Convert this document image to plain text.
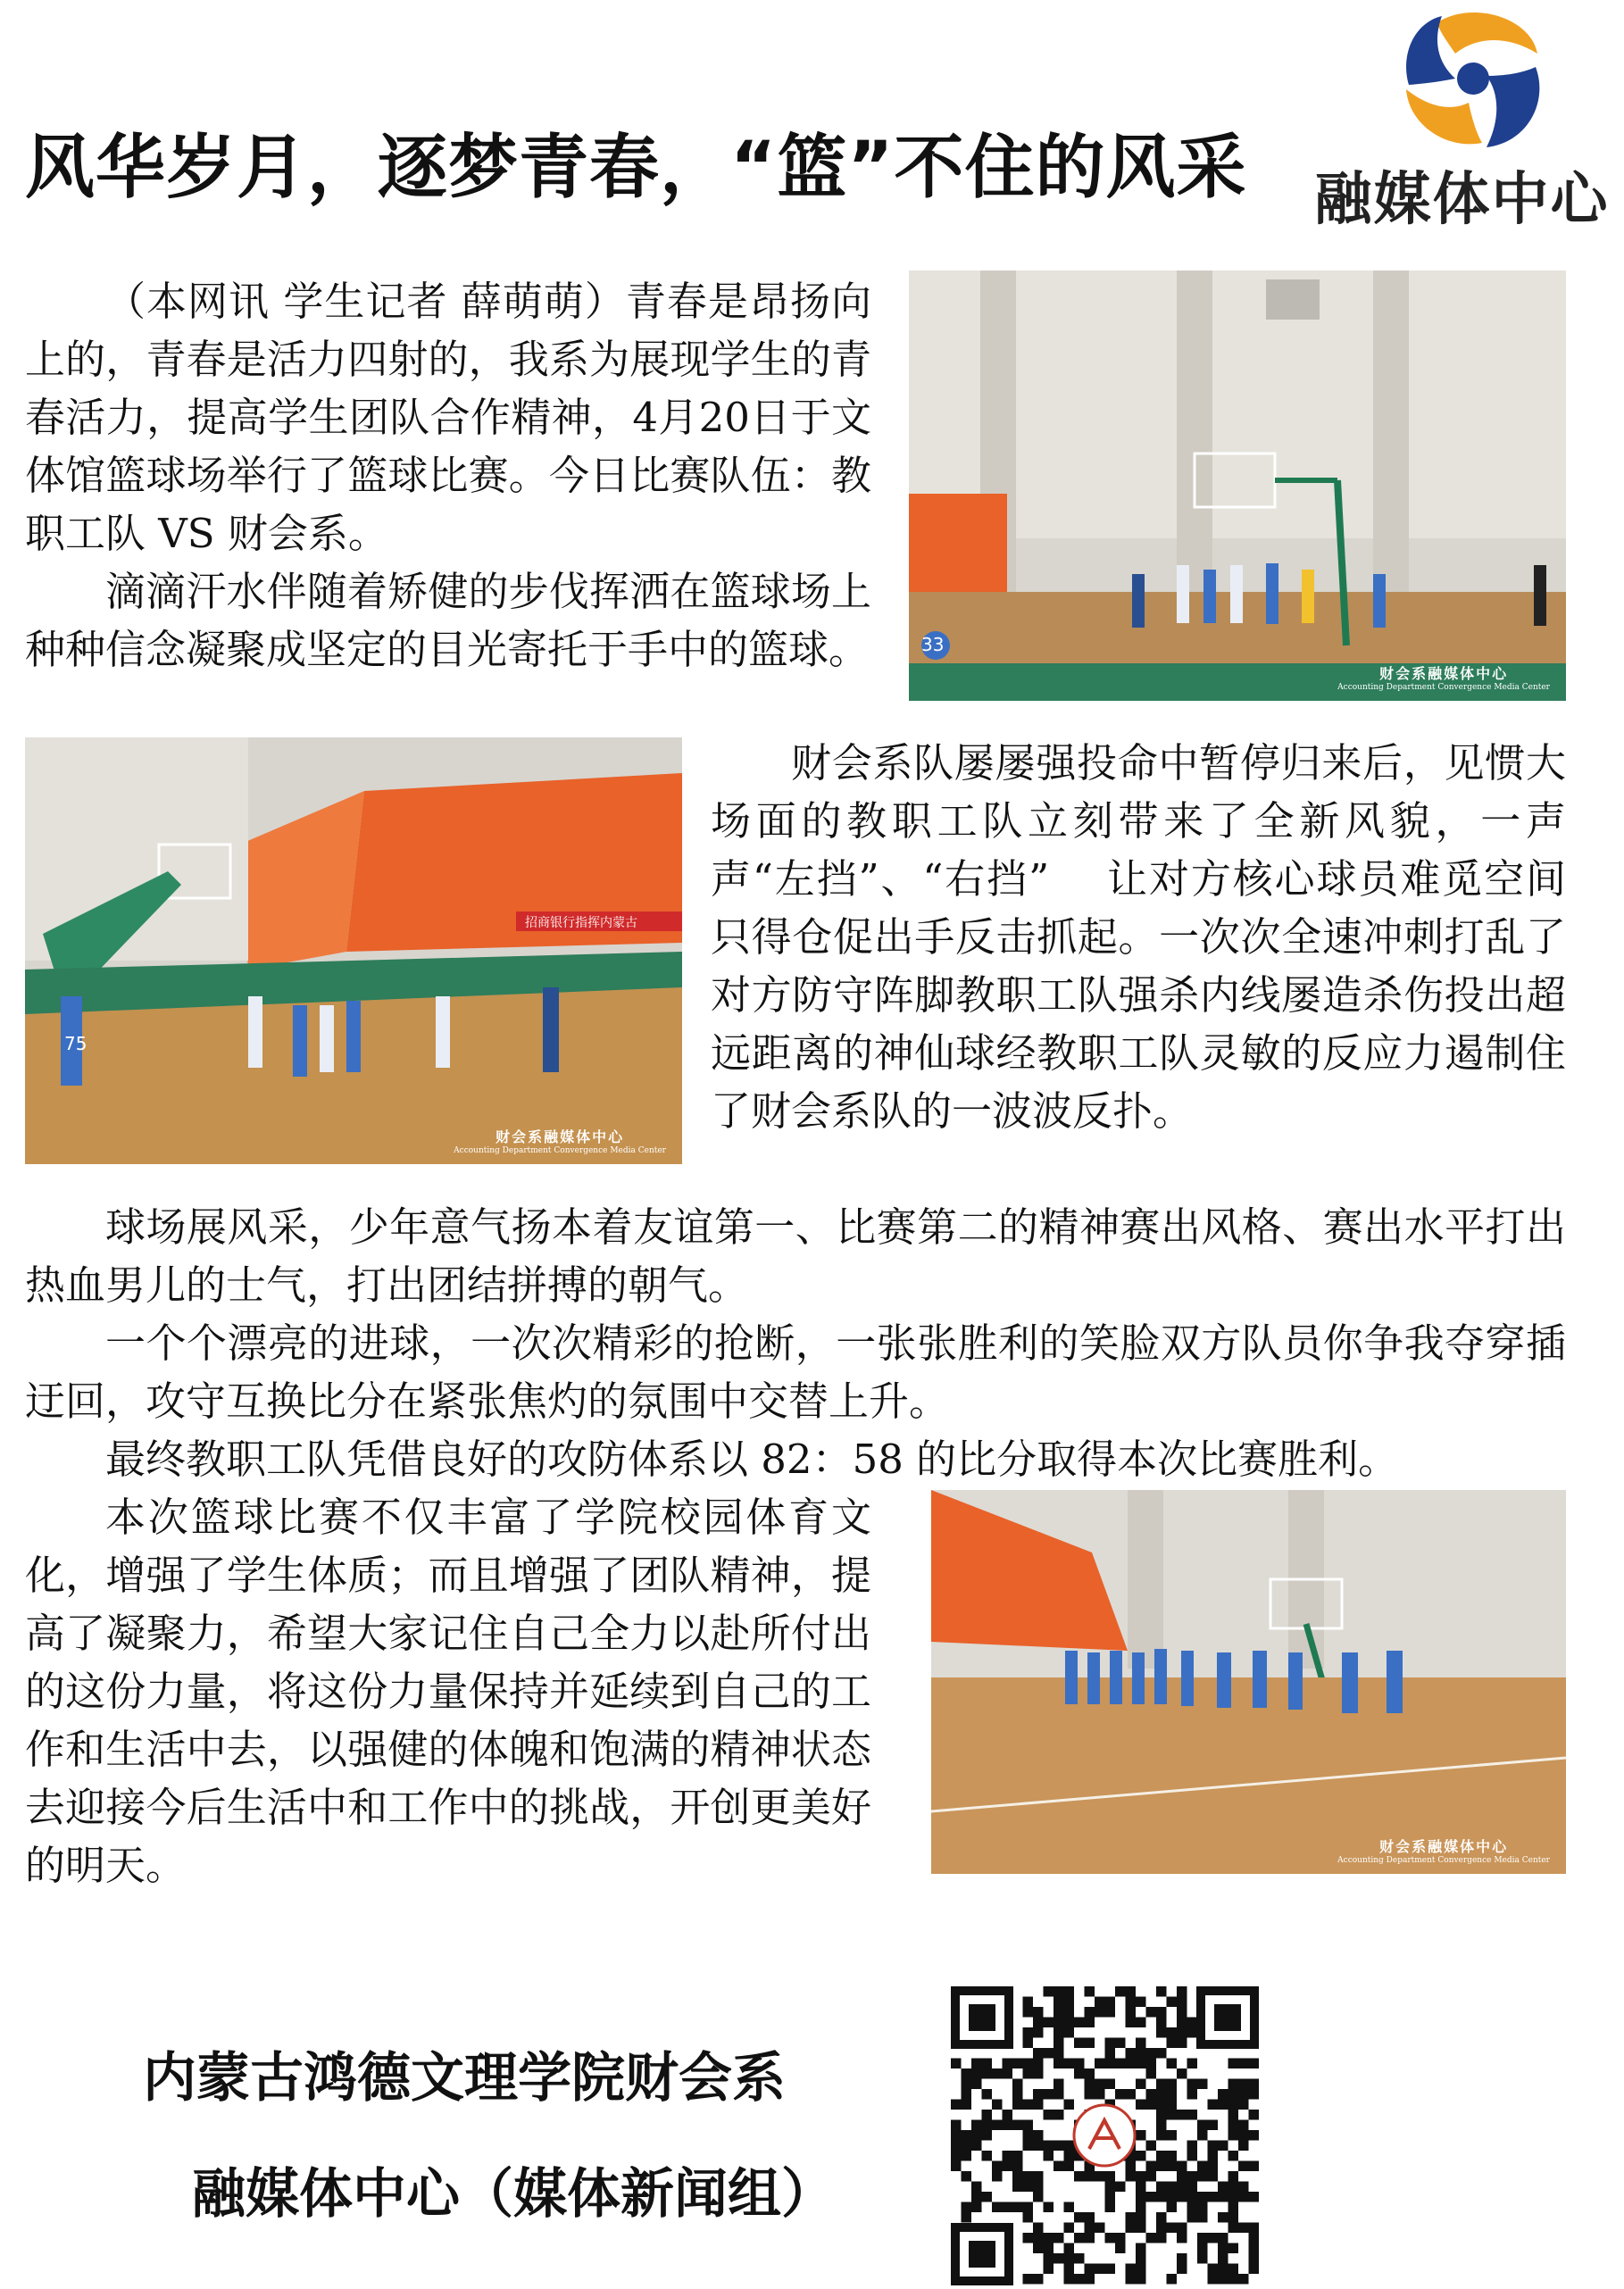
风华岁月，逐梦青春，“篮”不住的风采 融媒体中心

（本网讯 学生记者 薛萌萌）青春是昂扬向上的，青春是活力四射的，我系为展现学生的青春活力，提高学生团队合作精神，4月20日于文体馆篮球场举行了篮球比赛。今日比赛队伍：教职工队 VS 财会系。

滴滴汗水伴随着矫健的步伐挥洒在篮球场上种种信念凝聚成坚定的目光寄托于手中的篮球。	33
财会系融媒体中心
Accounting Department Convergence Media Center
招商银行指挥内蒙古
75
财会系融媒体中心
Accounting Department Convergence Media Center

财会系队屡屡强投命中暂停归来后，见惯大场面的教职工队立刻带来了全新风貌，一声声“左挡”、“右挡”　 让对方核心球员难觅空间只得仓促出手反击抓起。一次次全速冲刺打乱了对方防守阵脚教职工队强杀内线屡造杀伤投出超远距离的神仙球经教职工队灵敏的反应力遏制住了财会系队的一波波反扑。

球场展风采，少年意气扬本着友谊第一、比赛第二的精神赛出风格、赛出水平打出热血男儿的士气，打出团结拼搏的朝气。

一个个漂亮的进球，一次次精彩的抢断，一张张胜利的笑脸双方队员你争我夺穿插迂回，攻守互换比分在紧张焦灼的氛围中交替上升。

最终教职工队凭借良好的攻防体系以 82：58 的比分取得本次比赛胜利。

本次篮球比赛不仅丰富了学院校园体育文化，增强了学生体质；而且增强了团队精神，提高了凝聚力，希望大家记住自己全力以赴所付出的这份力量，将这份力量保持并延续到自己的工作和生活中去，以强健的体魄和饱满的精神状态去迎接今后生活中和工作中的挑战，开创更美好的明天。	财会系融媒体中心
Accounting Department Convergence Media Center
内蒙古鸿德文理学院财会系
融媒体中心（媒体新闻组）
